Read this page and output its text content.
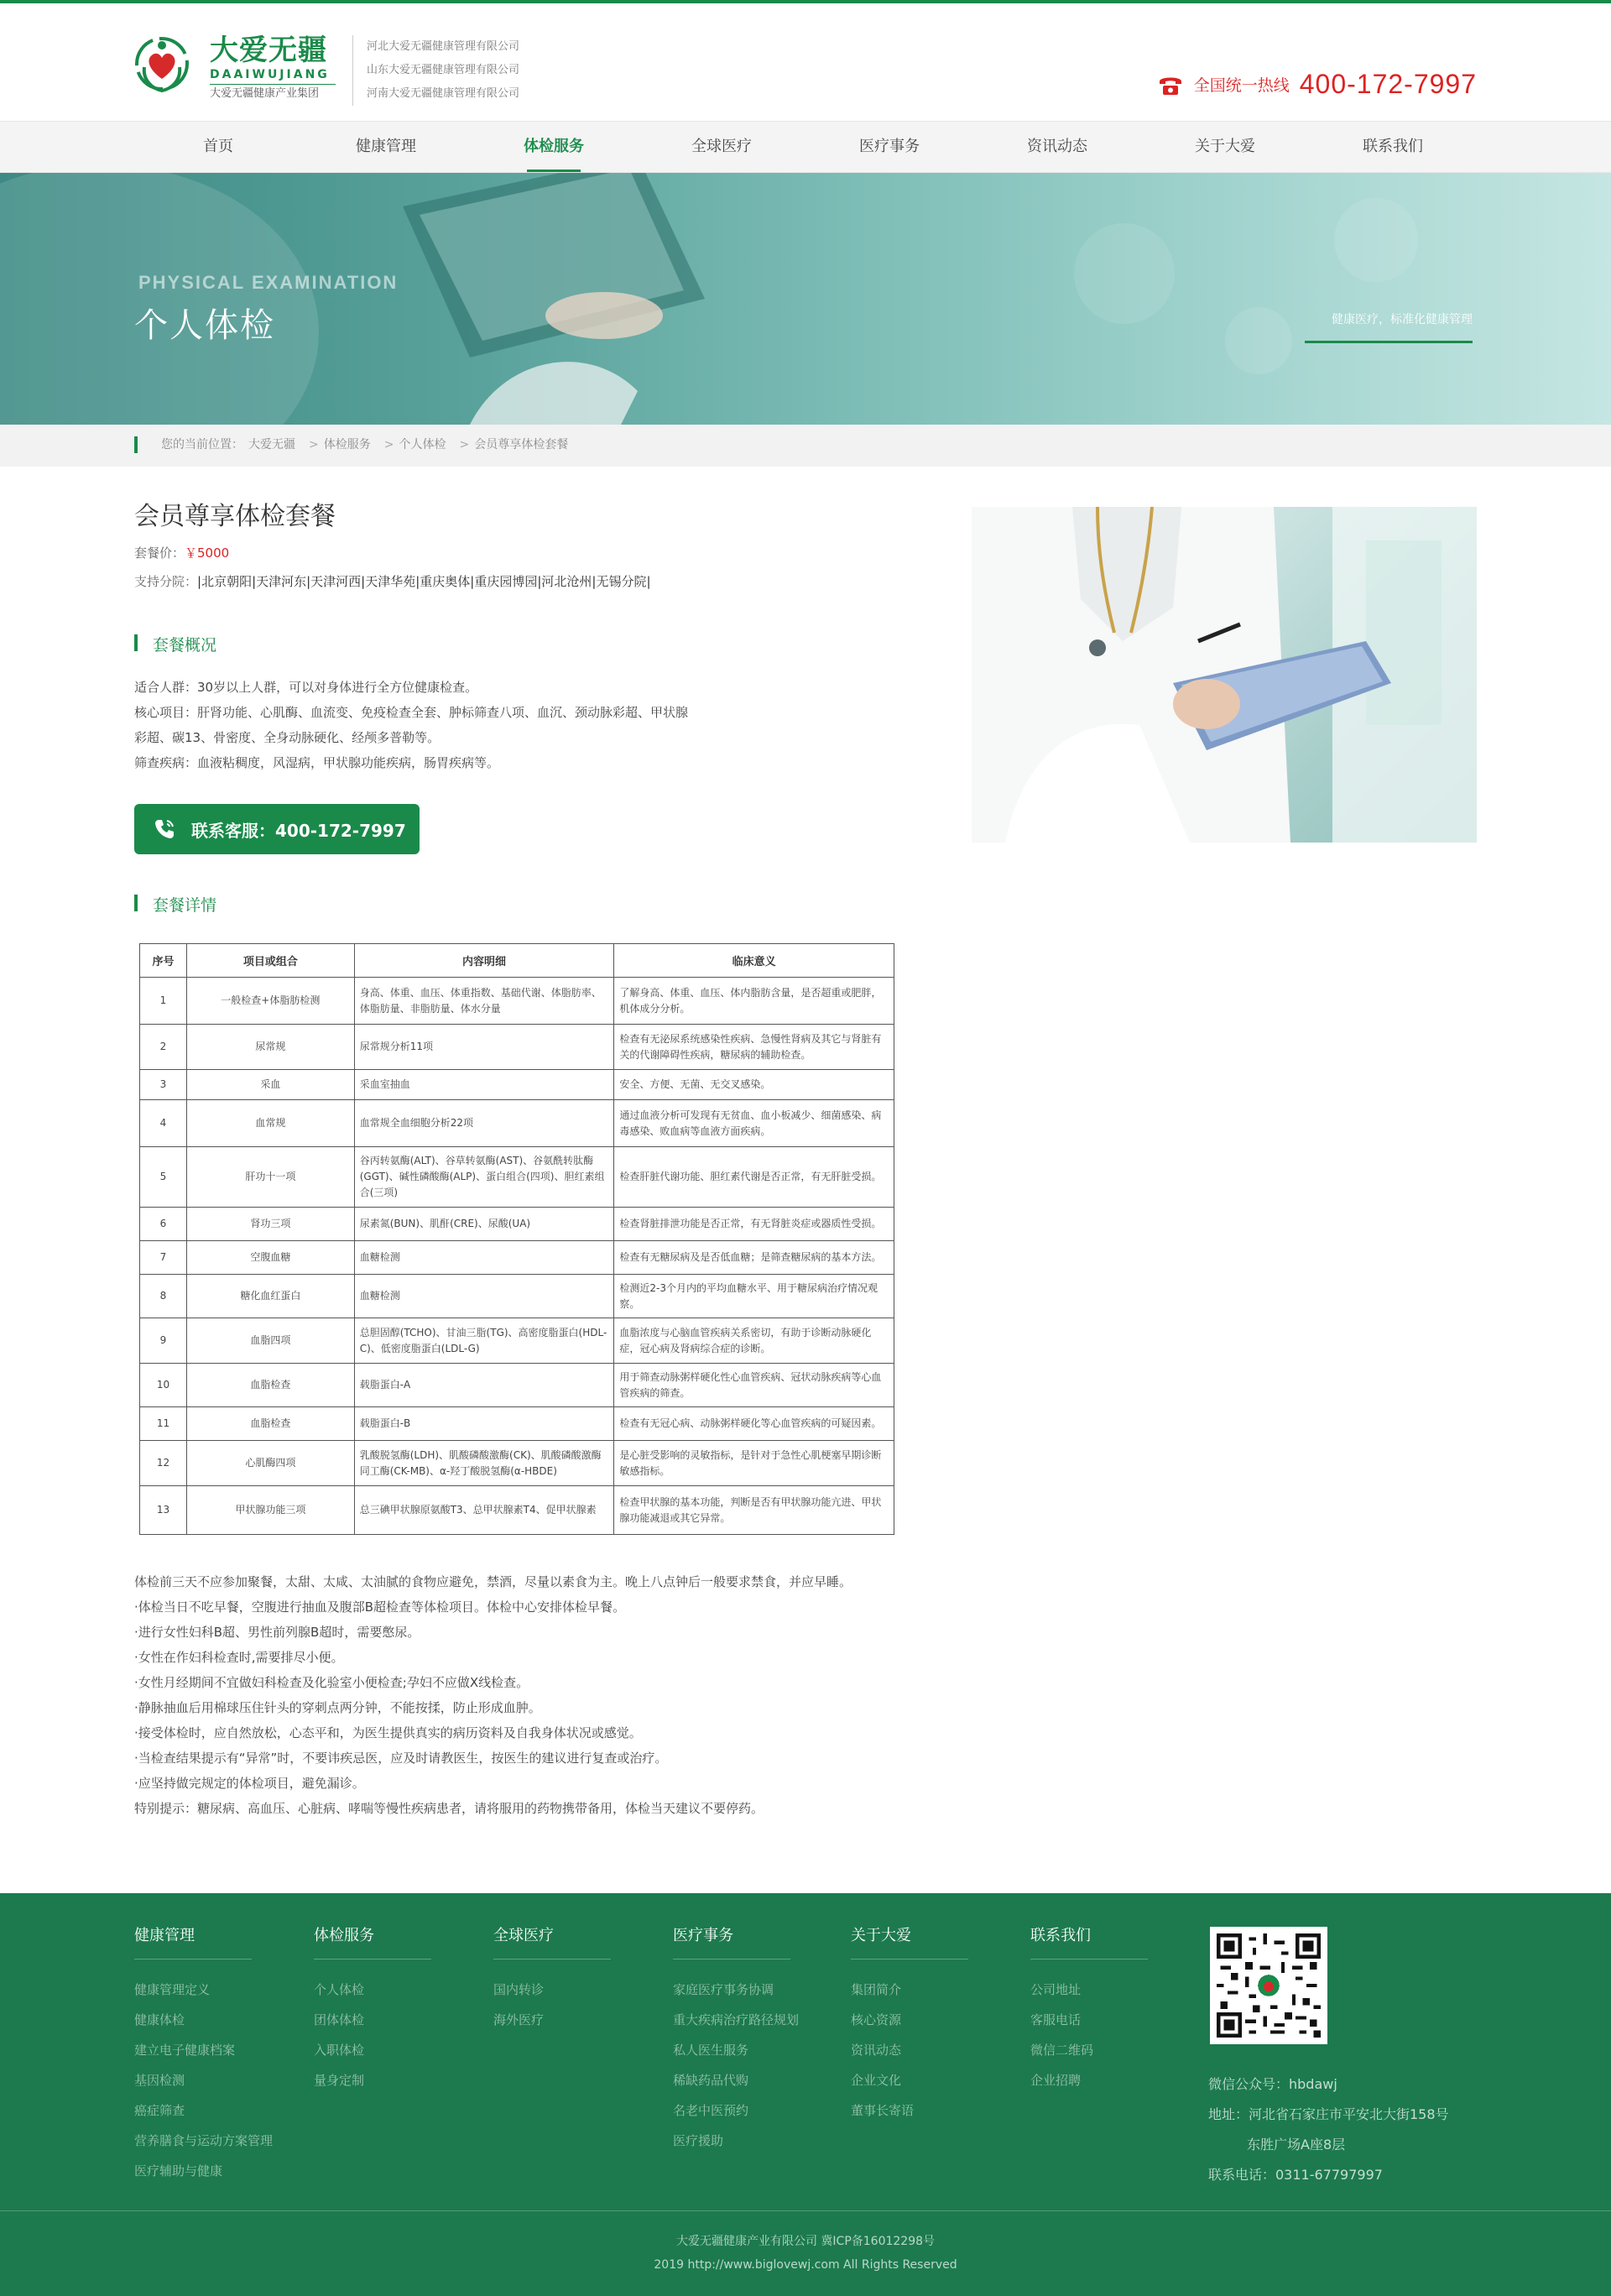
大爱无疆
DAAIWUJIANG
大爱无疆健康产业集团
河北大爱无疆健康管理有限公司
山东大爱无疆健康管理有限公司
河南大爱无疆健康管理有限公司	全国统一热线 400-172-7997
首页	健康管理	体检服务	全球医疗	医疗事务	资讯动态	关于大爱	联系我们
PHYSICAL EXAMINATION
个人体检	健康医疗，标准化健康管理
您的当前位置： 大爱无疆 > 体检服务 > 个人体检 > 会员尊享体检套餐
会员尊享体检套餐
套餐价：￥5000
支持分院：|北京朝阳|天津河东|天津河西|天津华苑|重庆奥体|重庆园博园|河北沧州|无锡分院|
套餐概况
适合人群：30岁以上人群，可以对身体进行全方位健康检查。
核心项目：肝肾功能、心肌酶、血流变、免疫检查全套、肿标筛查八项、血沉、颈动脉彩超、甲状腺
彩超、碳13、骨密度、全身动脉硬化、经颅多普勒等。
筛查疾病：血液粘稠度，风湿病，甲状腺功能疾病，肠胃疾病等。
联系客服：400-172-7997
套餐详情
序号	项目或组合	内容明细	临床意义
1	一般检查+体脂肪检测	身高、体重、血压、体重指数、基础代谢、体脂肪率、体脂肪量、非脂肪量、体水分量	了解身高、体重、血压、体内脂肪含量，是否超重或肥胖，机体成分分析。
2	尿常规	尿常规分析11项	检查有无泌尿系统感染性疾病、急慢性肾病及其它与肾脏有关的代谢障碍性疾病，糖尿病的辅助检查。
3	采血	采血室抽血	安全、方便、无菌、无交叉感染。
4	血常规	血常规全血细胞分析22项	通过血液分析可发现有无贫血、血小板减少、细菌感染、病毒感染、败血病等血液方面疾病。
5	肝功十一项	谷丙转氨酶(ALT)、谷草转氨酶(AST)、谷氨酰转肽酶(GGT)、碱性磷酸酶(ALP)、蛋白组合(四项)、胆红素组合(三项)	检查肝脏代谢功能、胆红素代谢是否正常，有无肝脏受损。
6	肾功三项	尿素氮(BUN)、肌酐(CRE)、尿酸(UA)	检查肾脏排泄功能是否正常，有无肾脏炎症或器质性受损。
7	空腹血糖	血糖检测	检查有无糖尿病及是否低血糖；是筛查糖尿病的基本方法。
8	糖化血红蛋白	血糖检测	检测近2-3个月内的平均血糖水平、用于糖尿病治疗情况观察。
9	血脂四项	总胆固醇(TCHO)、甘油三脂(TG)、高密度脂蛋白(HDL-C)、低密度脂蛋白(LDL-G)	血脂浓度与心脑血管疾病关系密切，有助于诊断动脉硬化症，冠心病及肾病综合症的诊断。
10	血脂检查	载脂蛋白-A	用于筛查动脉粥样硬化性心血管疾病、冠状动脉疾病等心血管疾病的筛查。
11	血脂检查	载脂蛋白-B	检查有无冠心病、动脉粥样硬化等心血管疾病的可疑因素。
12	心肌酶四项	乳酸脱氢酶(LDH)、肌酸磷酸激酶(CK)、肌酸磷酸激酶同工酶(CK-MB)、α-羟丁酸脱氢酶(α-HBDE)	是心脏受影响的灵敏指标，是针对于急性心肌梗塞早期诊断敏感指标。
13	甲状腺功能三项	总三碘甲状腺原氨酸T3、总甲状腺素T4、促甲状腺素	检查甲状腺的基本功能，判断是否有甲状腺功能亢进、甲状腺功能减退或其它异常。
体检前三天不应参加聚餐，太甜、太咸、太油腻的食物应避免，禁酒，尽量以素食为主。晚上八点钟后一般要求禁食，并应早睡。
·体检当日不吃早餐，空腹进行抽血及腹部B超检查等体检项目。体检中心安排体检早餐。
·进行女性妇科B超、男性前列腺B超时，需要憋尿。
·女性在作妇科检查时,需要排尽小便。
·女性月经期间不宜做妇科检查及化验室小便检查;孕妇不应做X线检查。
·静脉抽血后用棉球压住针头的穿刺点两分钟，不能按揉，防止形成血肿。
·接受体检时，应自然放松，心态平和，为医生提供真实的病历资料及自我身体状况或感觉。
·当检查结果提示有“异常”时，不要讳疾忌医，应及时请教医生，按医生的建议进行复查或治疗。
·应坚持做完规定的体检项目，避免漏诊。
特别提示：糖尿病、高血压、心脏病、哮喘等慢性疾病患者，请将服用的药物携带备用，体检当天建议不要停药。
健康管理
健康管理定义
健康体检
建立电子健康档案
基因检测
癌症筛查
营养膳食与运动方案管理
医疗辅助与健康
体检服务
个人体检
团体体检
入职体检
量身定制
全球医疗
国内转诊
海外医疗
医疗事务
家庭医疗事务协调
重大疾病治疗路径规划
私人医生服务
稀缺药品代购
名老中医预约
医疗援助
关于大爱
集团简介
核心资源
资讯动态
企业文化
董事长寄语
联系我们
公司地址
客服电话
微信二维码
企业招聘	微信公众号：hbdawj
地址：河北省石家庄市平安北大街158号
东胜广场A座8层
联系电话：0311-67797997
大爱无疆健康产业有限公司 冀ICP备16012298号
2019 http://www.biglovewj.com All Rights Reserved
